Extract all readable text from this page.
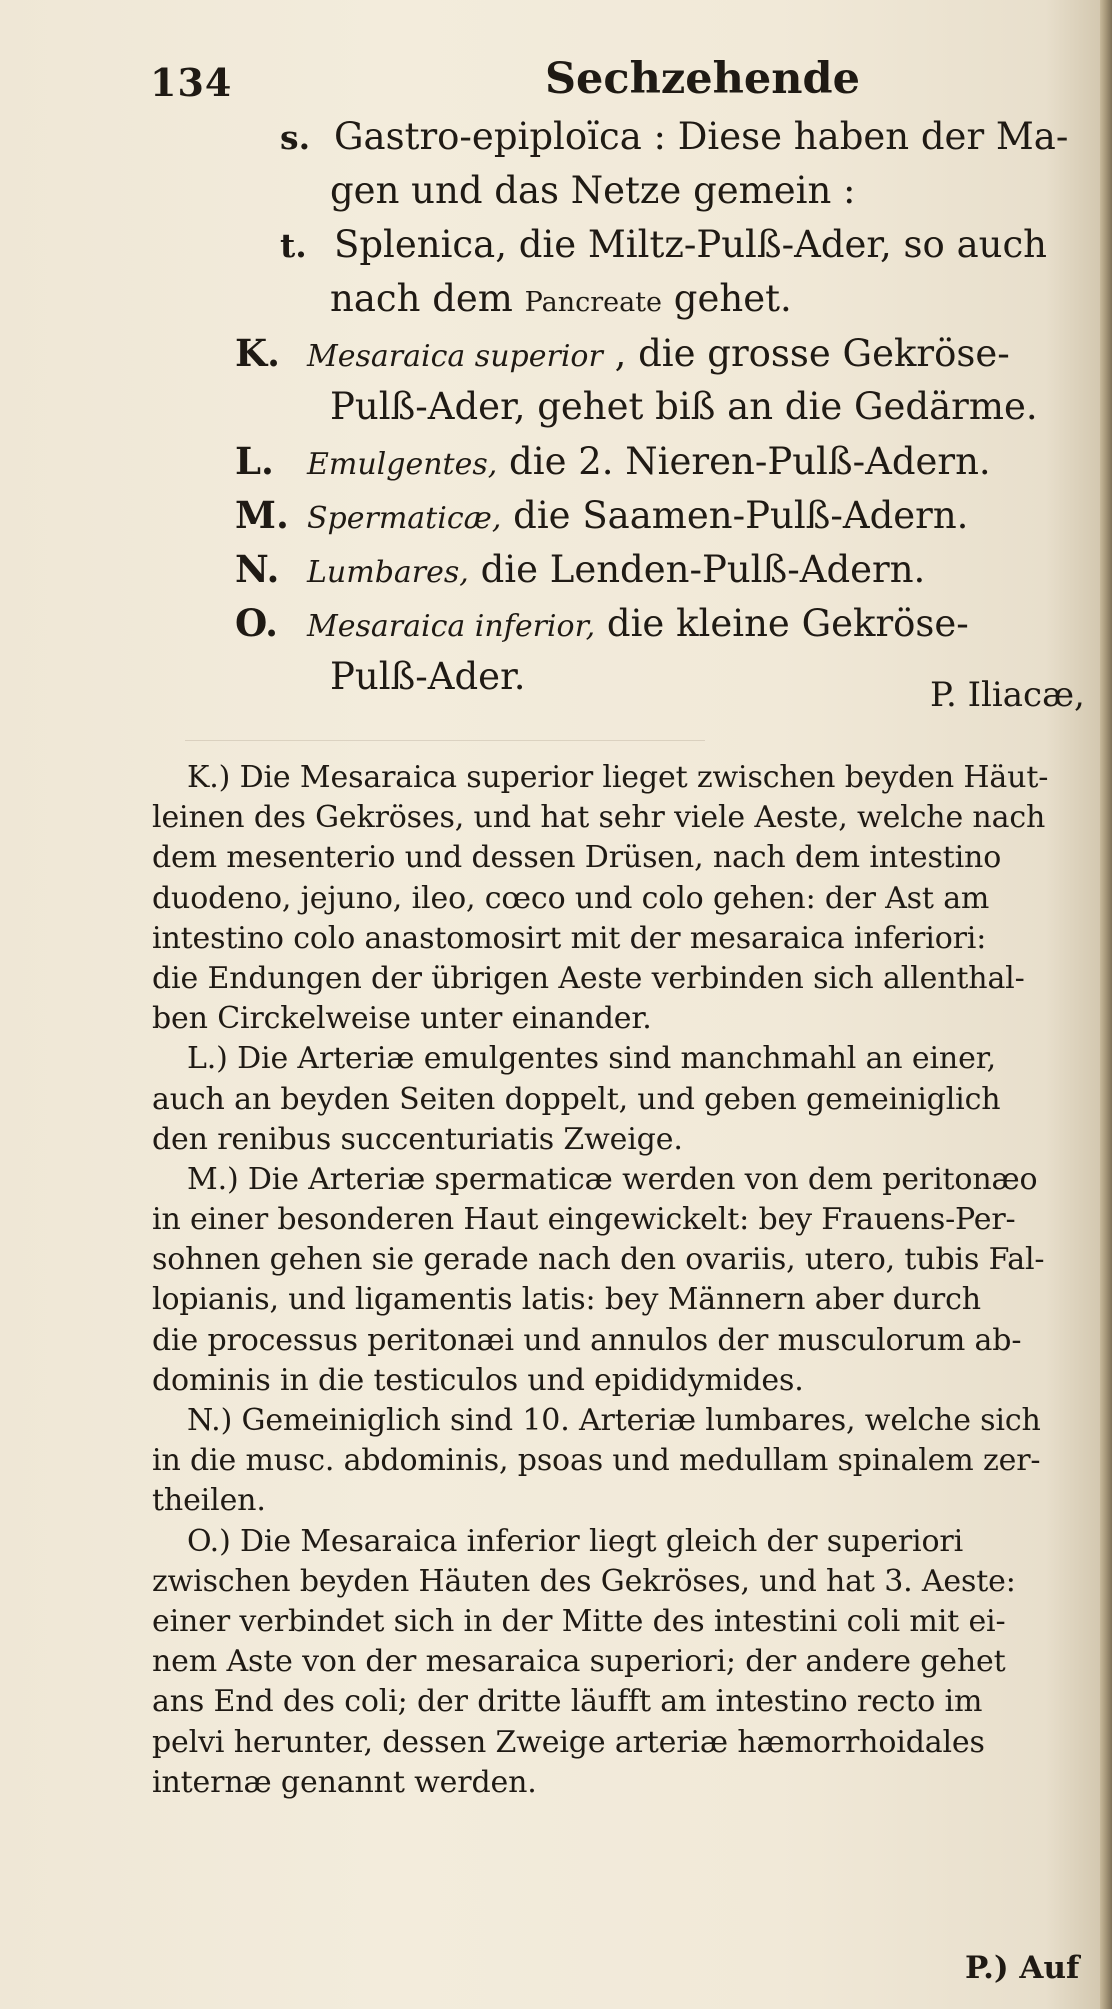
134	Sechzehende

s. Gastro-epiploïca : Diese haben der Ma-

gen und das Netze gemein :

t. Splenica, die Miltz-Pulß-Ader, so auch

nach dem Pancreate gehet.

K. Mesaraica superior , die grosse Gekröse-

Pulß-Ader, gehet biß an die Gedärme.

L. Emulgentes, die 2. Nieren-Pulß-Adern.

M. Spermaticæ, die Saamen-Pulß-Adern.

N. Lumbares, die Lenden-Pulß-Adern.

O. Mesaraica inferior, die kleine Gekröse-

Pulß-Ader.	P. Iliacæ,

K.) Die Mesaraica superior lieget zwischen beyden Häut-

leinen des Gekröses, und hat sehr viele Aeste, welche nach

dem mesenterio und dessen Drüsen, nach dem intestino

duodeno, jejuno, ileo, cœco und colo gehen: der Ast am

intestino colo anastomosirt mit der mesaraica inferiori:

die Endungen der übrigen Aeste verbinden sich allenthal-

ben Circkelweise unter einander.

L.) Die Arteriæ emulgentes sind manchmahl an einer,

auch an beyden Seiten doppelt, und geben gemeiniglich

den renibus succenturiatis Zweige.

M.) Die Arteriæ spermaticæ werden von dem peritonæo

in einer besonderen Haut eingewickelt: bey Frauens-Per-

sohnen gehen sie gerade nach den ovariis, utero, tubis Fal-

lopianis, und ligamentis latis: bey Männern aber durch

die processus peritonæi und annulos der musculorum ab-

dominis in die testiculos und epididymides.

N.) Gemeiniglich sind 10. Arteriæ lumbares, welche sich

in die musc. abdominis, psoas und medullam spinalem zer-

theilen.

O.) Die Mesaraica inferior liegt gleich der superiori

zwischen beyden Häuten des Gekröses, und hat 3. Aeste:

einer verbindet sich in der Mitte des intestini coli mit ei-

nem Aste von der mesaraica superiori; der andere gehet

ans End des coli; der dritte läufft am intestino recto im

pelvi herunter, dessen Zweige arteriæ hæmorrhoidales

internæ genannt werden.

P.) Auf
